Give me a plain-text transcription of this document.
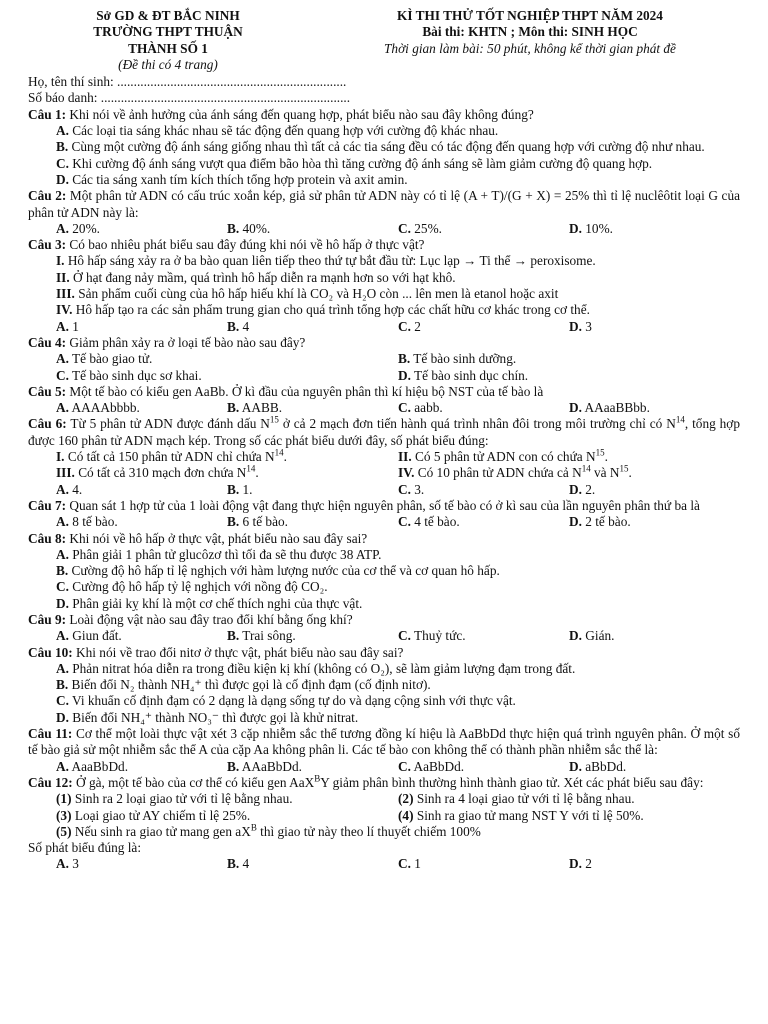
Sở GD & ĐT BẮC NINH
TRƯỜNG THPT THUẬN
THÀNH SỐ 1
(Đề thi có 4 trang)
KÌ THI THỬ TỐT NGHIỆP THPT NĂM 2024
Bài thi: KHTN ; Môn thi: SINH HỌC
Thời gian làm bài: 50 phút, không kể thời gian phát đề
Họ, tên thí sinh: .....................................................................
Số báo danh: ...........................................................................
Câu 1: Khi nói về ảnh hưởng của ánh sáng đến quang hợp, phát biểu nào sau đây không đúng?
A. Các loại tia sáng khác nhau sẽ tác động đến quang hợp với cường độ khác nhau.
B. Cùng một cường độ ánh sáng giống nhau thì tất cả các tia sáng đều có tác động đến quang hợp với cường độ như nhau.
C. Khi cường độ ánh sáng vượt qua điểm bão hòa thì tăng cường độ ánh sáng sẽ làm giảm cường độ quang hợp.
D. Các tia sáng xanh tím kích thích tổng hợp protein và axit amin.
Câu 2: Một phân tử ADN có cấu trúc xoắn kép, giả sử phân tử ADN này có tỉ lệ (A + T)/(G + X) = 25% thì tỉ lệ nuclêôtit loại G của phân tử ADN này là:
A. 20%.	B. 40%.	C. 25%.	D. 10%.
Câu 3: Có bao nhiêu phát biểu sau đây đúng khi nói về hô hấp ở thực vật?
I. Hô hấp sáng xảy ra ở ba bào quan liên tiếp theo thứ tự bắt đầu từ: Lục lạp → Ti thể → peroxisome.
II. Ở hạt đang nảy mầm, quá trình hô hấp diễn ra mạnh hơn so với hạt khô.
III. Sản phẩm cuối cùng của hô hấp hiếu khí là CO₂ và H₂O còn ... lên men là etanol hoặc axit
IV. Hô hấp tạo ra các sản phẩm trung gian cho quá trình tổng hợp các chất hữu cơ khác trong cơ thể.
A. 1	B. 4	C. 2	D. 3
Câu 4: Giảm phân xảy ra ở loại tế bào nào sau đây?
A. Tế bào giao tử.	B. Tế bào sinh dưỡng.
C. Tế bào sinh dục sơ khai.	D. Tế bào sinh dục chín.
Câu 5: Một tế bào có kiểu gen AaBb. Ở kì đầu của nguyên phân thì kí hiệu bộ NST của tế bào là
A. AAAAbbbb.	B. AABB.	C. aabb.	D. AAaaBBbb.
Câu 6: Từ 5 phân tử ADN được đánh dấu $N^{15}$ ở cả 2 mạch đơn tiến hành quá trình nhân đôi trong môi trường chỉ có $N^{14}$, tổng hợp được 160 phân tử ADN mạch kép. Trong số các phát biểu dưới đây, số phát biểu đúng:
I. Có tất cả 150 phân tử ADN chỉ chứa $N^{14}$.	II. Có 5 phân tử ADN con có chứa $N^{15}$.
III. Có tất cả 310 mạch đơn chứa $N^{14}$.	IV. Có 10 phân tử ADN chứa cả $N^{14}$ và $N^{15}$.
A. 4.	B. 1.	C. 3.	D. 2.
Câu 7: Quan sát 1 hợp tử của 1 loài động vật đang thực hiện nguyên phân, số tế bào có ở kì sau của lần nguyên phân thứ ba là
A. 8 tế bào.	B. 6 tế bào.	C. 4 tế bào.	D. 2 tế bào.
Câu 8: Khi nói về hô hấp ở thực vật, phát biểu nào sau đây sai?
A. Phân giải 1 phân tử glucôzơ thì tối đa sẽ thu được 38 ATP.
B. Cường độ hô hấp tỉ lệ nghịch với hàm lượng nước của cơ thể và cơ quan hô hấp.
C. Cường độ hô hấp tỷ lệ nghịch với nồng độ CO₂.
D. Phân giải kỵ khí là một cơ chế thích nghi của thực vật.
Câu 9: Loài động vật nào sau đây trao đổi khí bằng ống khí?
A. Giun đất.	B. Trai sông.	C. Thuỷ tức.	D. Gián.
Câu 10: Khi nói về trao đổi nitơ ở thực vật, phát biểu nào sau đây sai?
A. Phản nitrat hóa diễn ra trong điều kiện kị khí (không có O₂), sẽ làm giảm lượng đạm trong đất.
B. Biến đổi N₂ thành NH₄⁺ thì được gọi là cố định đạm (cố định nitơ).
C. Vi khuẩn cố định đạm có 2 dạng là dạng sống tự do và dạng cộng sinh với thực vật.
D. Biến đổi NH₄⁺ thành NO₃⁻ thì được gọi là khử nitrat.
Câu 11: Cơ thể một loài thực vật xét 3 cặp nhiễm sắc thể tương đồng kí hiệu là AaBbDd thực hiện quá trình nguyên phân. Ở một số tế bào giả sử một nhiễm sắc thể A của cặp Aa không phân li. Các tế bào con không thể có thành phần nhiễm sắc thể là:
A. AaaBbDd.	B. AAaBbDd.	C. AaBbDd.	D. aBbDd.
Câu 12: Ở gà, một tế bào của cơ thể có kiểu gen AaX$^B$Y giảm phân bình thường hình thành giao tử. Xét các phát biểu sau đây:
(1) Sinh ra 2 loại giao tử với tỉ lệ bằng nhau.	(2) Sinh ra 4 loại giao tử với tỉ lệ bằng nhau.
(3) Loại giao tử AY chiếm tỉ lệ 25%.	(4) Sinh ra giao tử mang NST Y với tỉ lệ 50%.
(5) Nếu sinh ra giao tử mang gen $aX^B$ thì giao tử này theo lí thuyết chiếm 100%
Số phát biểu đúng là:
A. 3	B. 4	C. 1	D. 2
